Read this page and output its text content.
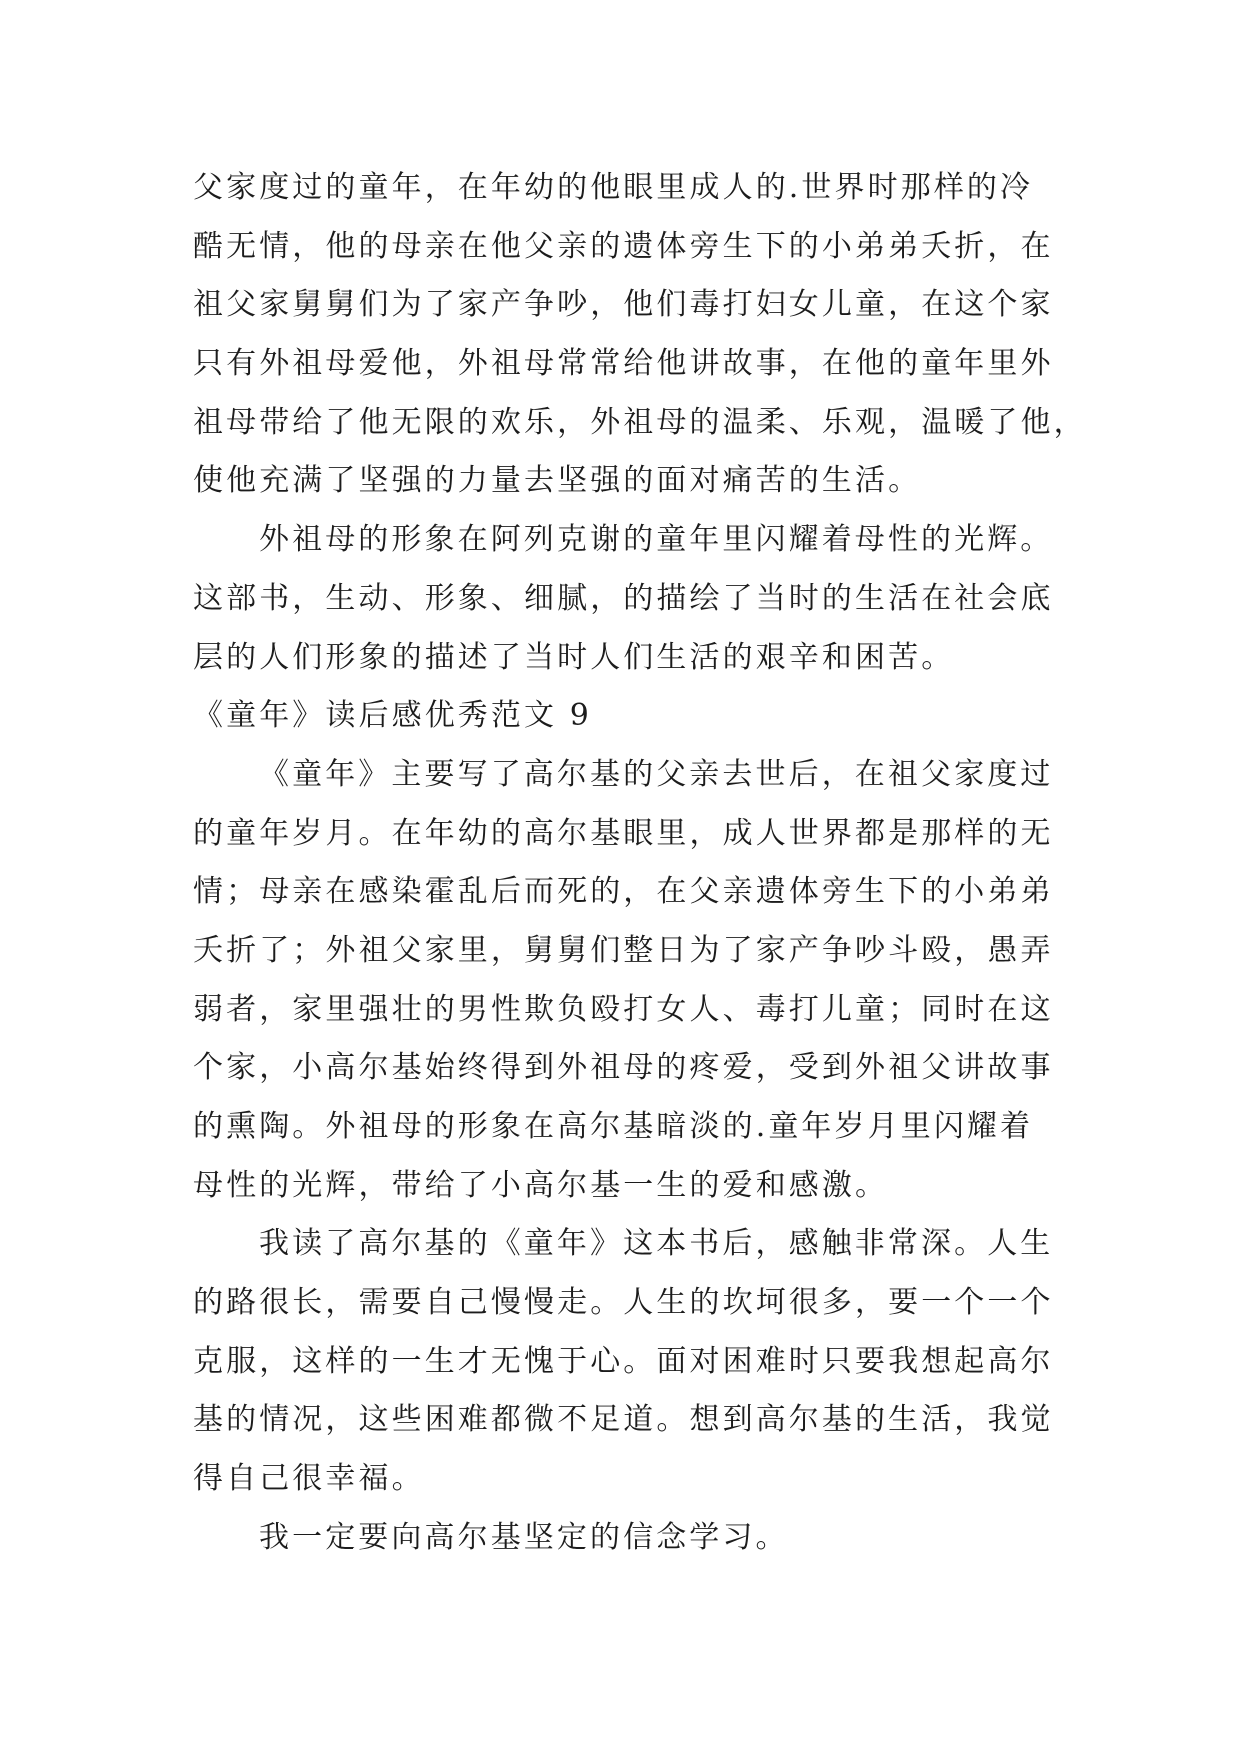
父家度过的童年，在年幼的他眼里成人的.世界时那样的冷
酷无情，他的母亲在他父亲的遗体旁生下的小弟弟夭折，在
祖父家舅舅们为了家产争吵，他们毒打妇女儿童，在这个家
只有外祖母爱他，外祖母常常给他讲故事，在他的童年里外
祖母带给了他无限的欢乐，外祖母的温柔、乐观，温暖了他，
使他充满了坚强的力量去坚强的面对痛苦的生活。
外祖母的形象在阿列克谢的童年里闪耀着母性的光辉。
这部书，生动、形象、细腻，的描绘了当时的生活在社会底
层的人们形象的描述了当时人们生活的艰辛和困苦。
《童年》读后感优秀范文 9
《童年》主要写了高尔基的父亲去世后，在祖父家度过
的童年岁月。在年幼的高尔基眼里，成人世界都是那样的无
情；母亲在感染霍乱后而死的，在父亲遗体旁生下的小弟弟
夭折了；外祖父家里，舅舅们整日为了家产争吵斗殴，愚弄
弱者，家里强壮的男性欺负殴打女人、毒打儿童；同时在这
个家，小高尔基始终得到外祖母的疼爱，受到外祖父讲故事
的熏陶。外祖母的形象在高尔基暗淡的.童年岁月里闪耀着
母性的光辉，带给了小高尔基一生的爱和感激。
我读了高尔基的《童年》这本书后，感触非常深。人生
的路很长，需要自己慢慢走。人生的坎坷很多，要一个一个
克服，这样的一生才无愧于心。面对困难时只要我想起高尔
基的情况，这些困难都微不足道。想到高尔基的生活，我觉
得自己很幸福。
我一定要向高尔基坚定的信念学习。
